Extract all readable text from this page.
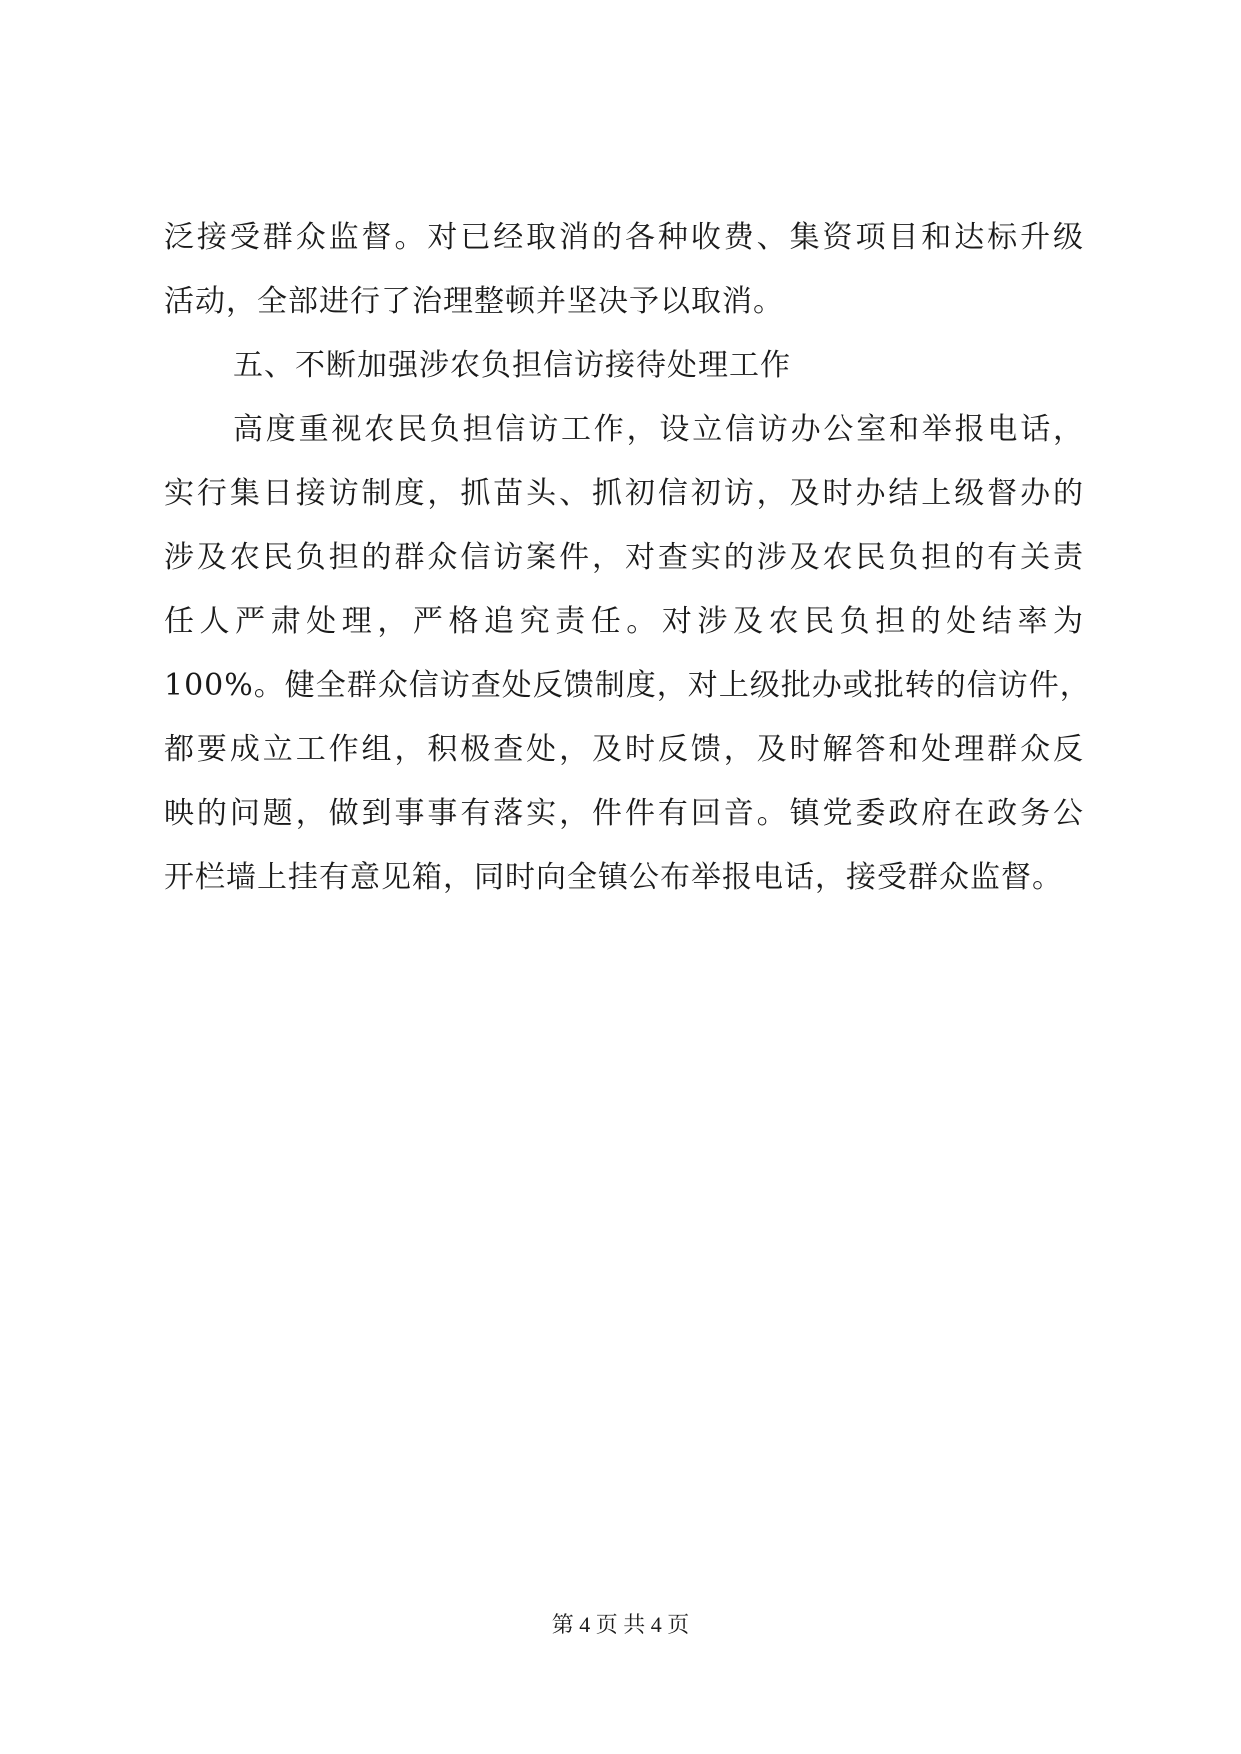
泛接受群众监督。对已经取消的各种收费、集资项目和达标升级
活动，全部进行了治理整顿并坚决予以取消。
五、不断加强涉农负担信访接待处理工作
高度重视农民负担信访工作，设立信访办公室和举报电话，
实行集日接访制度，抓苗头、抓初信初访，及时办结上级督办的
涉及农民负担的群众信访案件，对查实的涉及农民负担的有关责
任人严肃处理，严格追究责任。对涉及农民负担的处结率为
100%。健全群众信访查处反馈制度，对上级批办或批转的信访件，
都要成立工作组，积极查处，及时反馈，及时解答和处理群众反
映的问题，做到事事有落实，件件有回音。镇党委政府在政务公
开栏墙上挂有意见箱，同时向全镇公布举报电话，接受群众监督。
第 4 页 共 4 页
